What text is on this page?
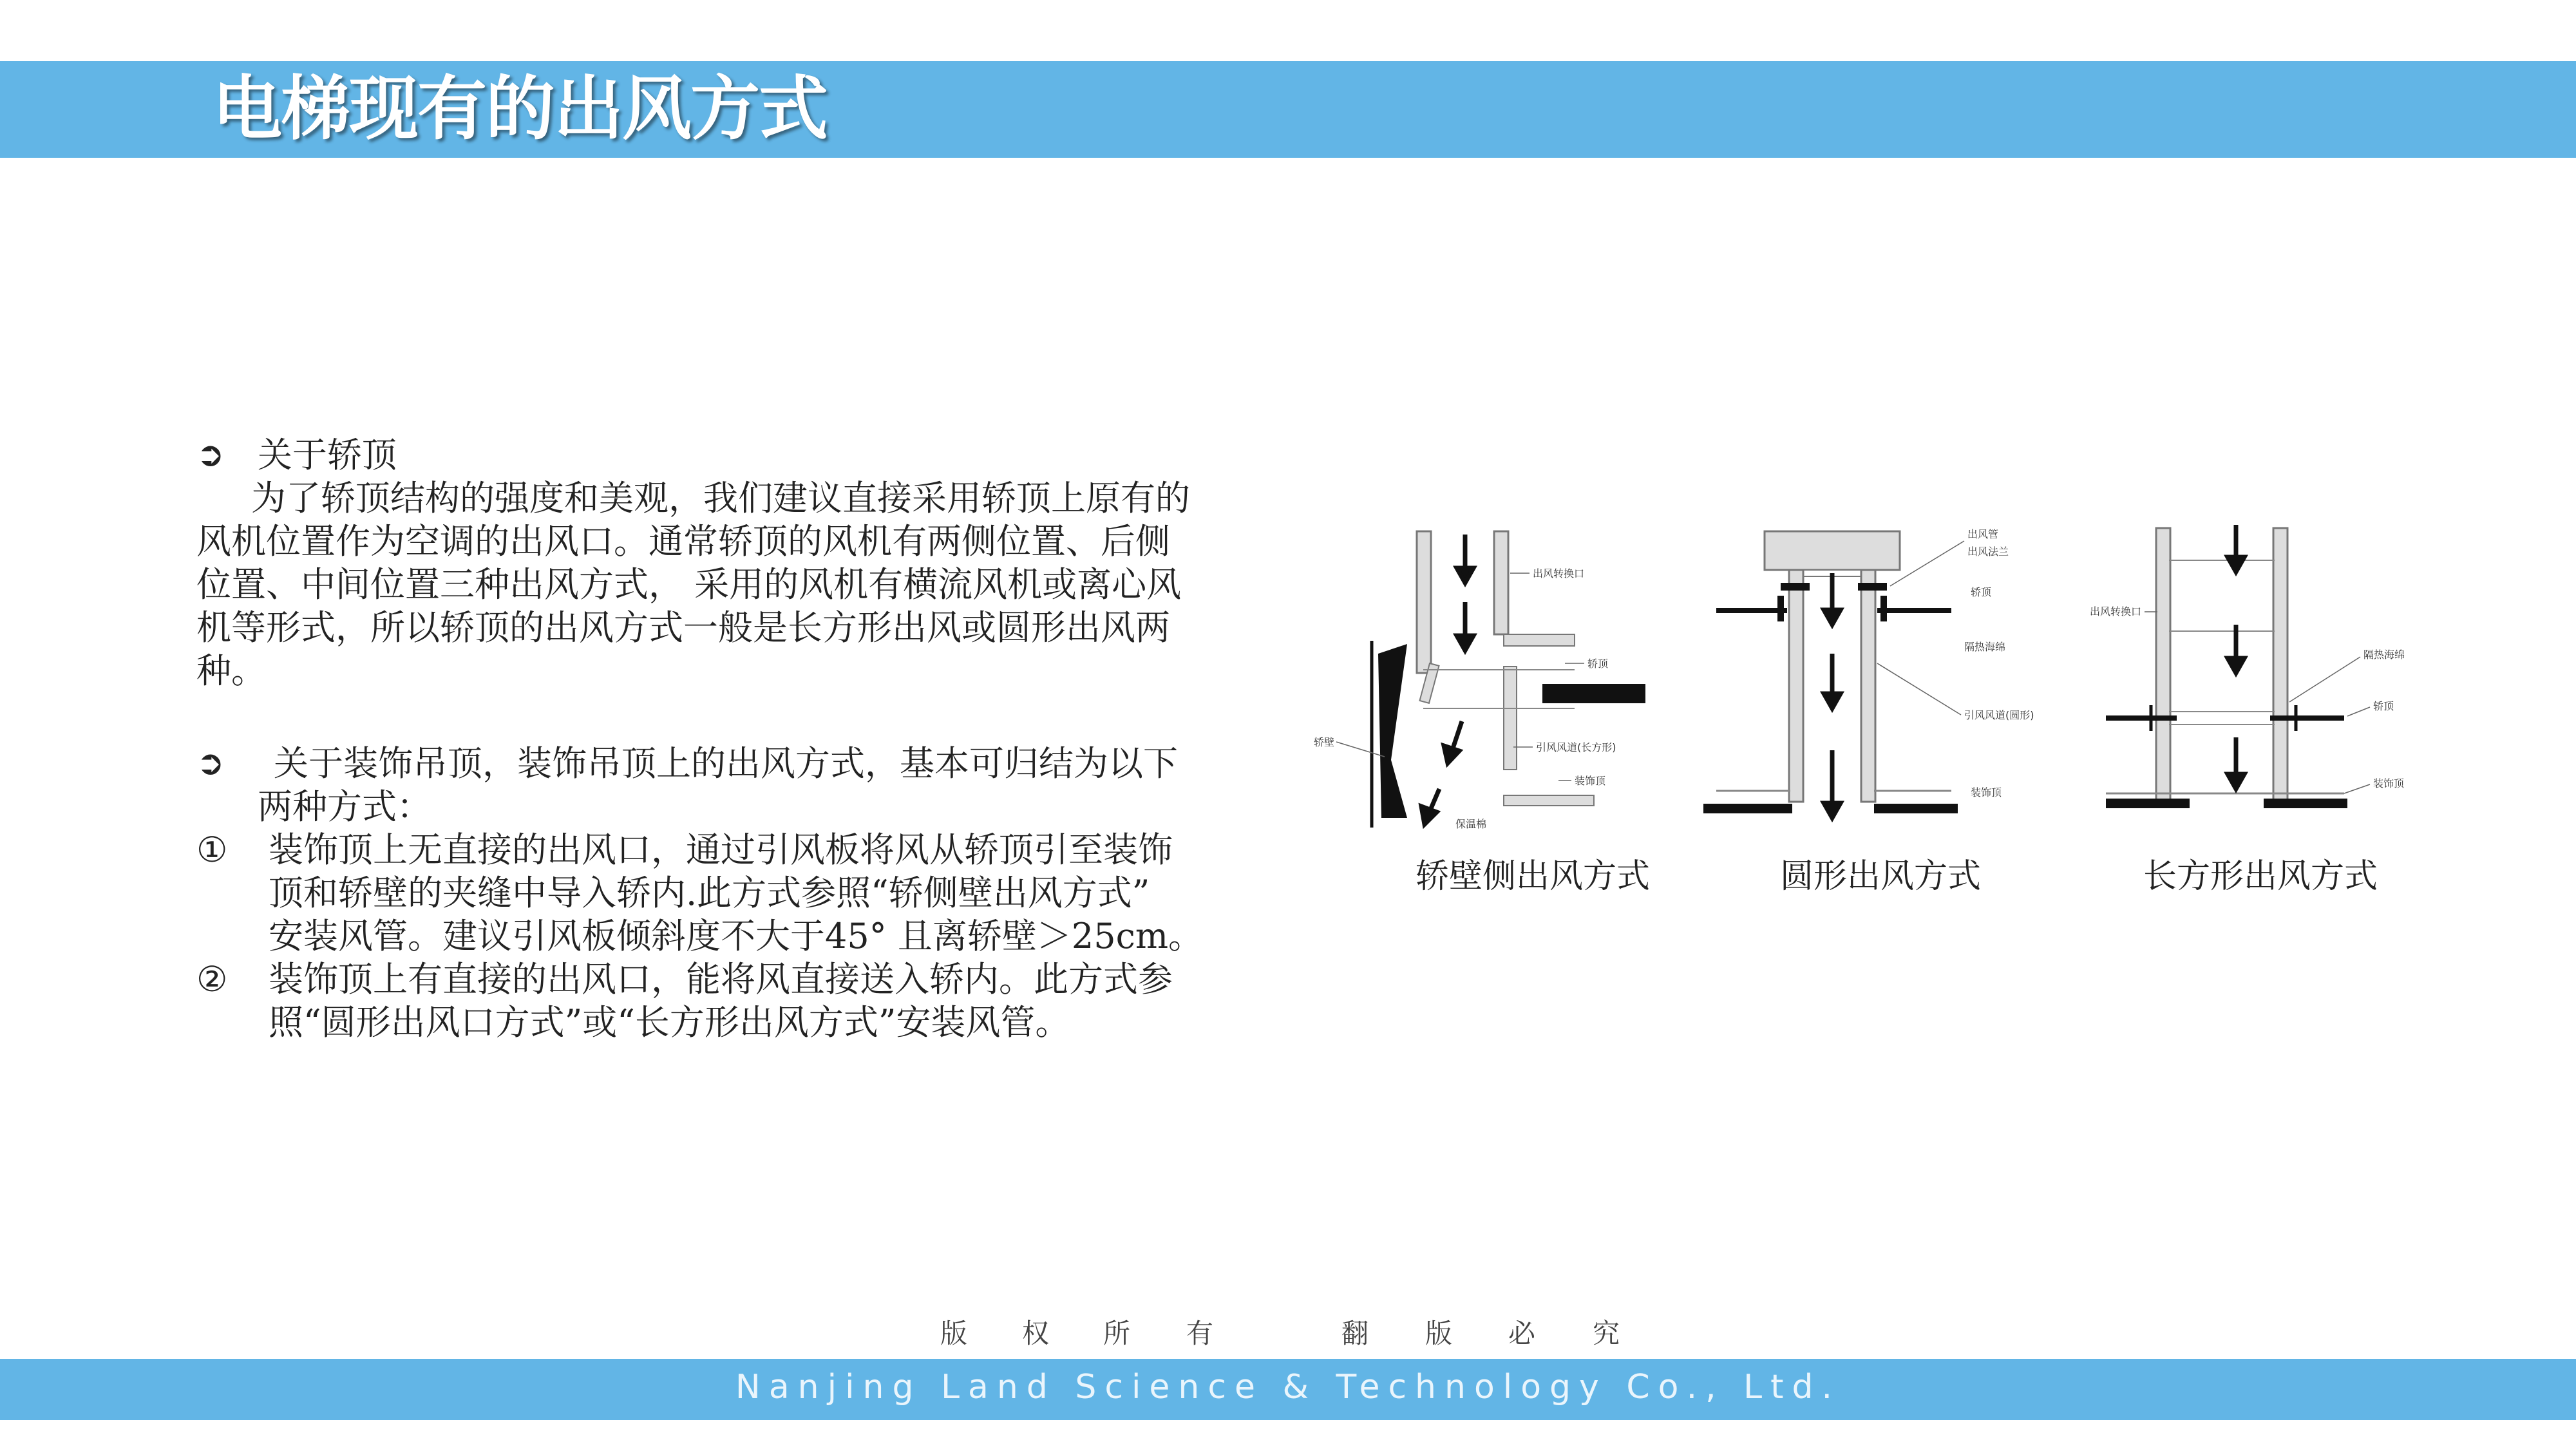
电梯现有的出风方式
➲ 关于轿顶
为了轿顶结构的强度和美观，我们建议直接采用轿顶上原有的
风机位置作为空调的出风口。通常轿顶的风机有两侧位置、后侧
位置、中间位置三种出风方式， 采用的风机有横流风机或离心风
机等形式，所以轿顶的出风方式一般是长方形出风或圆形出风两
种。
➲	关于装饰吊顶，装饰吊顶上的出风方式，基本可归结为以下
两种方式：
① 装饰顶上无直接的出风口，通过引风板将风从轿顶引至装饰
顶和轿壁的夹缝中导入轿内.此方式参照“轿侧壁出风方式”
安装风管。建议引风板倾斜度不大于45° 且离轿壁＞25cm。
② 装饰顶上有直接的出风口，能将风直接送入轿内。此方式参
照“圆形出风口方式”或“长方形出风方式”安装风管。
出风转换口
轿顶
轿壁	引风风道(长方形)
装饰顶
保温棉
轿壁侧出风方式
出风管
出风法兰
轿顶
隔热海绵
引风风道(圆形)
装饰顶
圆形出风方式
出风转换口
隔热海绵
轿顶
装饰顶
长方形出风方式
版 权 所 有	翻 版 必 究
Nanjing Land Science & Technology Co., Ltd.
